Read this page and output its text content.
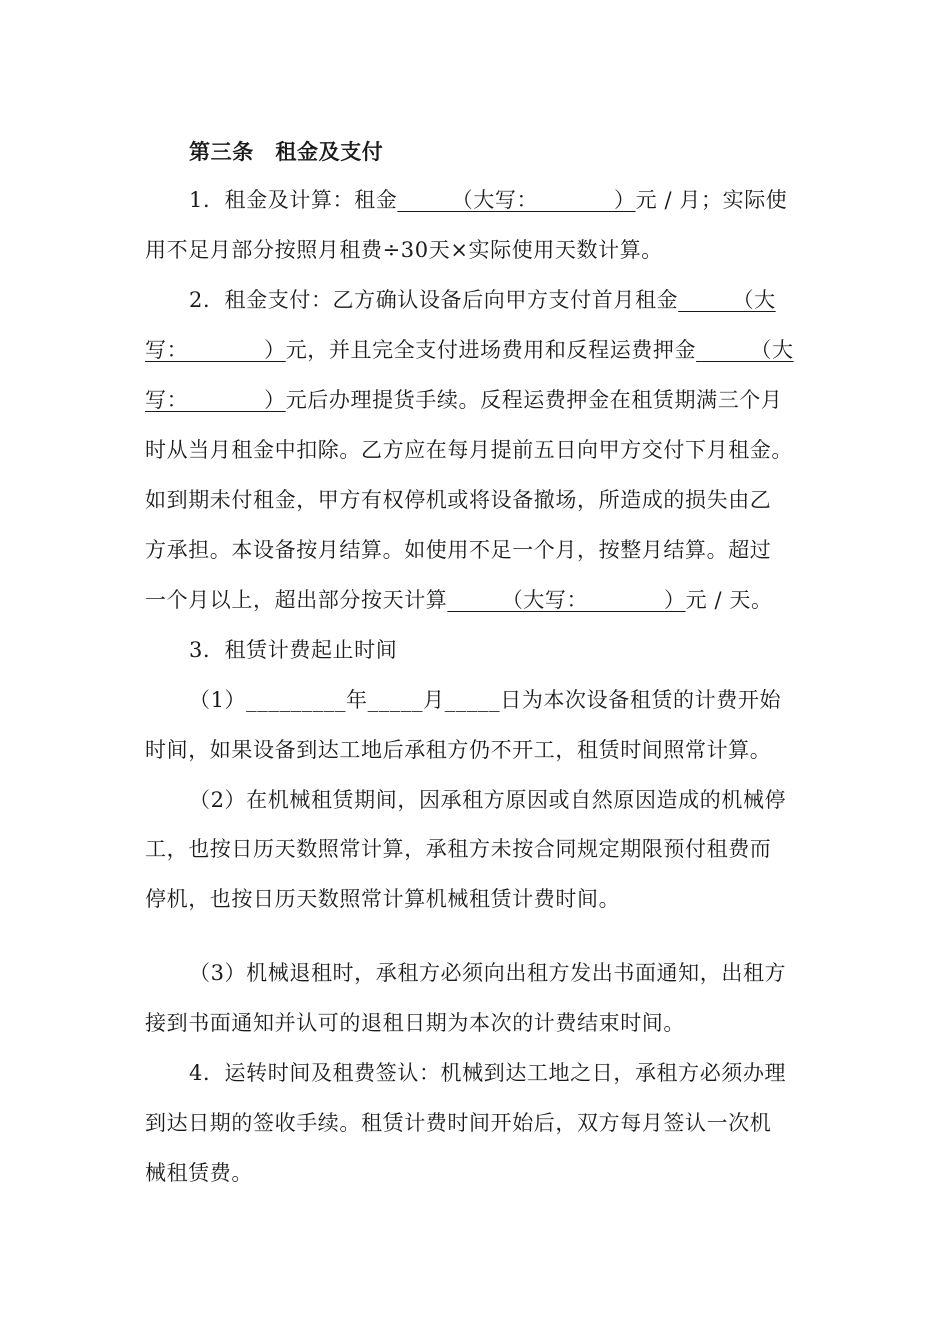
第三条　租金及支付
1．租金及计算：租金　　　（大写：　　　　）元 / 月；实际使
用不足月部分按照月租费÷30天×实际使用天数计算。
2．租金支付：乙方确认设备后向甲方支付首月租金　　　（大
写：　　　　）元，并且完全支付进场费用和反程运费押金　　　（大
写：　　　　）元后办理提货手续。反程运费押金在租赁期满三个月
时从当月租金中扣除。乙方应在每月提前五日向甲方交付下月租金。
如到期未付租金，甲方有权停机或将设备撤场，所造成的损失由乙
方承担。本设备按月结算。如使用不足一个月，按整月结算。超过
一个月以上，超出部分按天计算　　　（大写：　　　　）元 / 天。
3．租赁计费起止时间
（1）_________年_____月_____日为本次设备租赁的计费开始
时间，如果设备到达工地后承租方仍不开工，租赁时间照常计算。
（2）在机械租赁期间，因承租方原因或自然原因造成的机械停
工，也按日历天数照常计算，承租方未按合同规定期限预付租费而
停机，也按日历天数照常计算机械租赁计费时间。
（3）机械退租时，承租方必须向出租方发出书面通知，出租方
接到书面通知并认可的退租日期为本次的计费结束时间。
4．运转时间及租费签认：机械到达工地之日，承租方必须办理
到达日期的签收手续。租赁计费时间开始后，双方每月签认一次机
械租赁费。
